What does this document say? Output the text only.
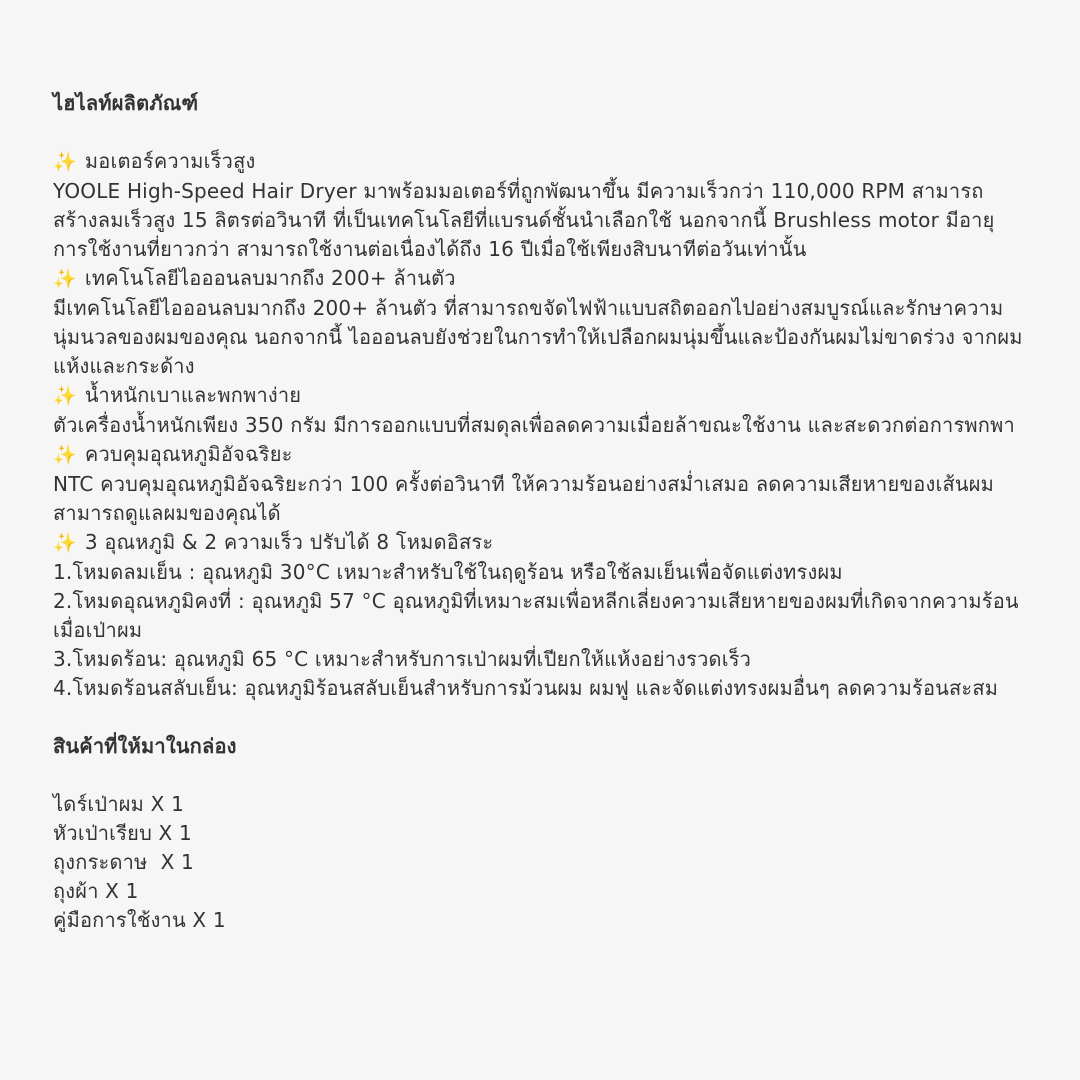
ไฮไลท์ผลิตภัณฑ์
✨ มอเตอร์ความเร็วสูง
YOOLE High-Speed Hair Dryer มาพร้อมมอเตอร์ที่ถูกพัฒนาขึ้น มีความเร็วกว่า 110,000 RPM สามารถสร้างลมเร็วสูง 15 ลิตรต่อวินาที ที่เป็นเทคโนโลยีที่แบรนด์ชั้นนำเลือกใช้ นอกจากนี้ Brushless motor มีอายุการใช้งานที่ยาวกว่า สามารถใช้งานต่อเนื่องได้ถึง 16 ปีเมื่อใช้เพียงสิบนาทีต่อวันเท่านั้น
✨ เทคโนโลยีไอออนลบมากถึง 200+ ล้านตัว
มีเทคโนโลยีไอออนลบมากถึง 200+ ล้านตัว ที่สามารถขจัดไฟฟ้าแบบสถิตออกไปอย่างสมบูรณ์และรักษาความนุ่มนวลของผมของคุณ นอกจากนี้ ไอออนลบยังช่วยในการทำให้เปลือกผมนุ่มขึ้นและป้องกันผมไม่ขาดร่วง จากผมแห้งและกระด้าง
✨ น้ำหนักเบาและพกพาง่าย
ตัวเครื่องน้ำหนักเพียง 350 กรัม มีการออกแบบที่สมดุลเพื่อลดความเมื่อยล้าขณะใช้งาน และสะดวกต่อการพกพา
✨ ควบคุมอุณหภูมิอัจฉริยะ
NTC ควบคุมอุณหภูมิอัจฉริยะกว่า 100 ครั้งต่อวินาที ให้ความร้อนอย่างสม่ำเสมอ ลดความเสียหายของเส้นผม สามารถดูแลผมของคุณได้
✨ 3 อุณหภูมิ & 2 ความเร็ว ปรับได้ 8 โหมดอิสระ
1.โหมดลมเย็น : อุณหภูมิ 30°C เหมาะสำหรับใช้ในฤดูร้อน หรือใช้ลมเย็นเพื่อจัดแต่งทรงผม
2.โหมดอุณหภูมิคงที่ : อุณหภูมิ 57 °C อุณหภูมิที่เหมาะสมเพื่อหลีกเลี่ยงความเสียหายของผมที่เกิดจากความร้อนเมื่อเป่าผม
3.โหมดร้อน: อุณหภูมิ 65 °C เหมาะสำหรับการเป่าผมที่เปียกให้แห้งอย่างรวดเร็ว
4.โหมดร้อนสลับเย็น: อุณหภูมิร้อนสลับเย็นสำหรับการม้วนผม ผมฟู และจัดแต่งทรงผมอื่นๆ ลดความร้อนสะสม
สินค้าที่ให้มาในกล่อง
ไดร์เป่าผม X 1
หัวเป่าเรียบ X 1
ถุงกระดาษ  X 1
ถุงผ้า X 1
คู่มือการใช้งาน X 1
